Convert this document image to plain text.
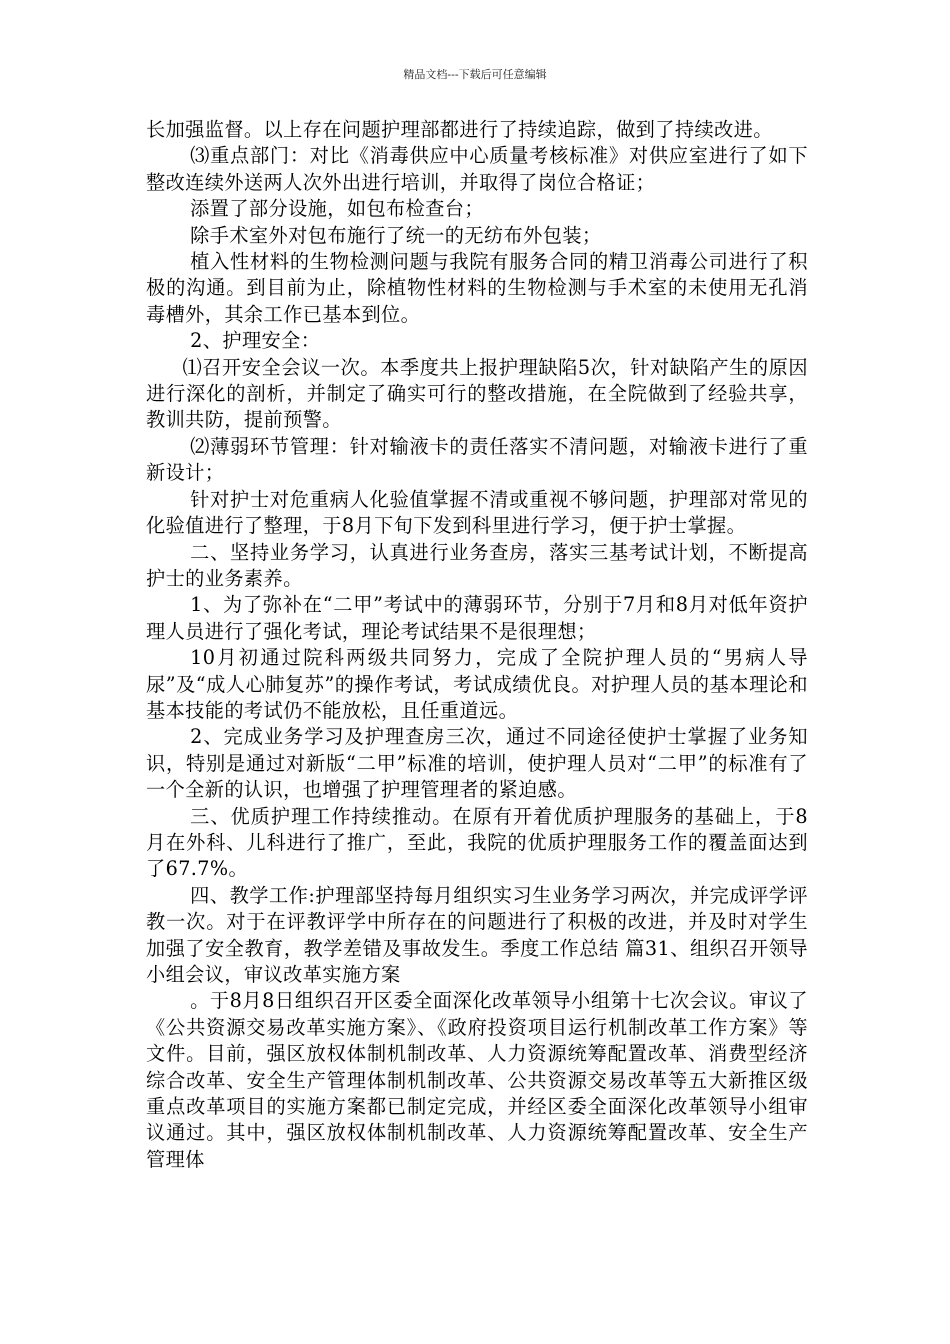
精品文档---下载后可任意编辑

长加强监督。以上存在问题护理部都进行了持续追踪，做到了持续改进。

⑶重点部门：对比《消毒供应中心质量考核标准》对供应室进行了如下整改连续外送两人次外出进行培训，并取得了岗位合格证；

添置了部分设施，如包布检查台；

除手术室外对包布施行了统一的无纺布外包装；

植入性材料的生物检测问题与我院有服务合同的精卫消毒公司进行了积极的沟通。到目前为止，除植物性材料的生物检测与手术室的未使用无孔消毒槽外，其余工作已基本到位。

2、护理安全：

⑴召开安全会议一次。本季度共上报护理缺陷5次，针对缺陷产生的原因进行深化的剖析，并制定了确实可行的整改措施，在全院做到了经验共享，教训共防，提前预警。

⑵薄弱环节管理：针对输液卡的责任落实不清问题，对输液卡进行了重新设计；

针对护士对危重病人化验值掌握不清或重视不够问题，护理部对常见的化验值进行了整理，于8月下旬下发到科里进行学习，便于护士掌握。

二、坚持业务学习，认真进行业务查房，落实三基考试计划，不断提高护士的业务素养。

1、为了弥补在“二甲”考试中的薄弱环节，分别于7月和8月对低年资护理人员进行了强化考试，理论考试结果不是很理想；

10月初通过院科两级共同努力，完成了全院护理人员的“男病人导尿”及“成人心肺复苏”的操作考试，考试成绩优良。对护理人员的基本理论和基本技能的考试仍不能放松，且任重道远。

2、完成业务学习及护理查房三次，通过不同途径使护士掌握了业务知识，特别是通过对新版“二甲”标准的培训，使护理人员对“二甲”的标准有了一个全新的认识，也增强了护理管理者的紧迫感。

三、优质护理工作持续推动。在原有开着优质护理服务的基础上，于8月在外科、儿科进行了推广，至此，我院的优质护理服务工作的覆盖面达到了67.7%。

四、教学工作:护理部坚持每月组织实习生业务学习两次，并完成评学评教一次。对于在评教评学中所存在的问题进行了积极的改进，并及时对学生加强了安全教育，教学差错及事故发生。季度工作总结 篇31、组织召开领导小组会议，审议改革实施方案

。于8月8日组织召开区委全面深化改革领导小组第十七次会议。审议了《公共资源交易改革实施方案》、《政府投资项目运行机制改革工作方案》等文件。目前，强区放权体制机制改革、人力资源统筹配置改革、消费型经济综合改革、安全生产管理体制机制改革、公共资源交易改革等五大新推区级重点改革项目的实施方案都已制定完成，并经区委全面深化改革领导小组审议通过。其中，强区放权体制机制改革、人力资源统筹配置改革、安全生产管理体
